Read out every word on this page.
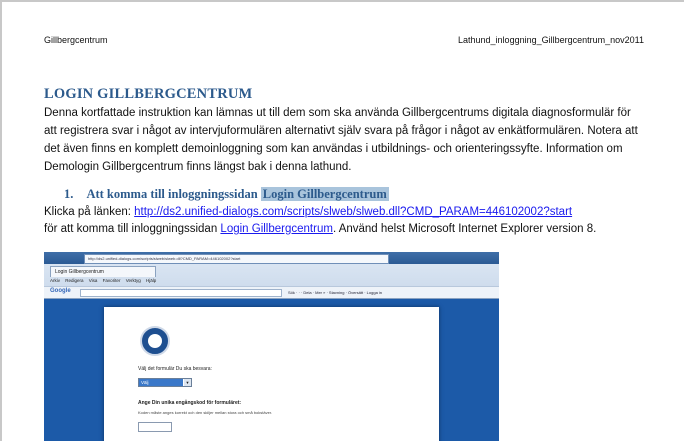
Gillbergcentrum	Lathund_inloggning_Gillbergcentrum_nov2011
LOGIN GILLBERGCENTRUM
Denna kortfattade instruktion kan lämnas ut till dem som ska använda Gillbergcentrums digitala diagnosformulär för att registrera svar i något av intervjuformulären alternativt själv svara på frågor i något av enkätformulären. Notera att det även finns en komplett demoinloggning som kan användas i utbildnings- och orienteringssyfte. Information om Demologin Gillbergcentrum finns längst bak i denna lathund.
1. Att komma till inloggningssidan Login Gillbergcentrum
Klicka på länken: http://ds2.unified-dialogs.com/scripts/slweb/slweb.dll?CMD_PARAM=446102002?start
för att komma till inloggningssidan Login Gillbergcentrum. Använd helst Microsoft Internet Explorer version 8.
http://ds2.unified-dialogs.com/scripts/slweb/slweb.dll?CMD_PARAM=446102002?start
Login Gillbergcentrum
Arkiv Redigera Visa Favoriter Verktyg Hjälp
Google	Sök · · · Dela · Mer » · Stavning · Översätt · Logga in
Välj det formulär Du ska besvara:
Välj	▼
Ange Din unika engångskod för formuläret:
Koden måste anges korrekt och den skiljer mellan stora och små bokstäver.
